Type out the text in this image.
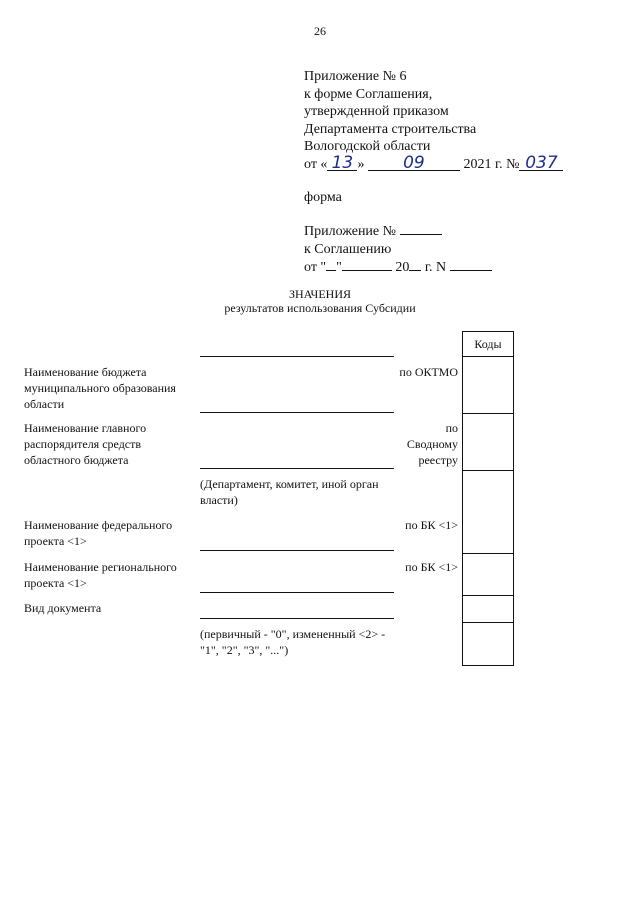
26
Приложение № 6
к форме Соглашения,
утвержденной приказом
Департамента строительства
Вологодской области
от « 13 » 09	2021 г. № 037
форма
Приложение №
к Соглашению
от " "	20 г. N
ЗНАЧЕНИЯ
результатов использования Субсидии
Коды
Наименование бюджета муниципального образования области
по ОКТМО
Наименование главного распорядителя средств областного бюджета
по Сводному реестру
(Департамент, комитет, иной орган власти)
Наименование федерального проекта <1>
по БК <1>
Наименование регионального проекта <1>
по БК <1>
Вид документа
(первичный - "0", измененный <2> - "1", "2", "3", "...")
